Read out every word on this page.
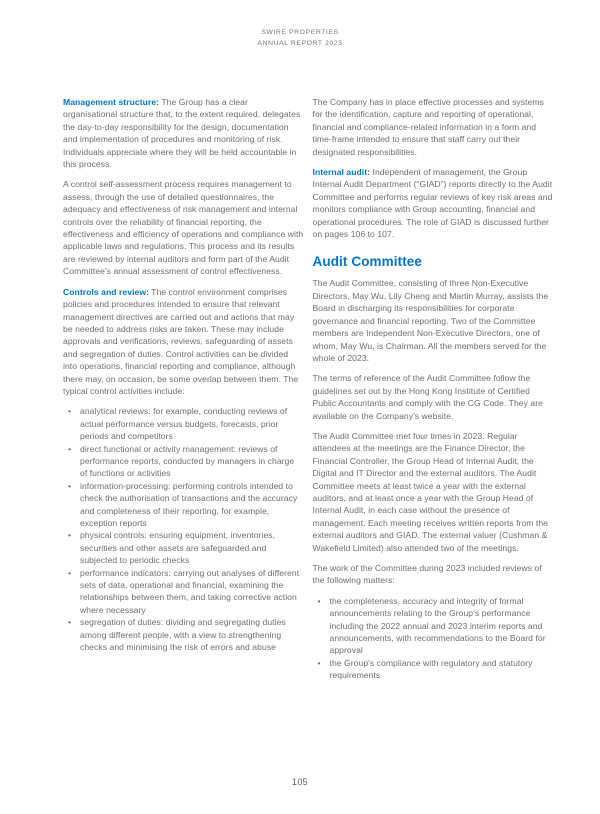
SWIRE PROPERTIES
ANNUAL REPORT 2023

Management structure: The Group has a clear organisational structure that, to the extent required, delegates the day-to-day responsibility for the design, documentation and implementation of procedures and monitoring of risk. Individuals appreciate where they will be held accountable in this process.

A control self-assessment process requires management to assess, through the use of detailed questionnaires, the adequacy and effectiveness of risk management and internal controls over the reliability of financial reporting, the effectiveness and efficiency of operations and compliance with applicable laws and regulations. This process and its results are reviewed by internal auditors and form part of the Audit Committee's annual assessment of control effectiveness.

Controls and review: The control environment comprises policies and procedures intended to ensure that relevant management directives are carried out and actions that may be needed to address risks are taken. These may include approvals and verifications, reviews, safeguarding of assets and segregation of duties. Control activities can be divided into operations, financial reporting and compliance, although there may, on occasion, be some overlap between them. The typical control activities include:

• analytical reviews: for example, conducting reviews of actual performance versus budgets, forecasts, prior periods and competitors
• direct functional or activity management: reviews of performance reports, conducted by managers in charge of functions or activities
• information-processing: performing controls intended to check the authorisation of transactions and the accuracy and completeness of their reporting, for example, exception reports
• physical controls: ensuring equipment, inventories, securities and other assets are safeguarded and subjected to periodic checks
• performance indicators: carrying out analyses of different sets of data, operational and financial, examining the relationships between them, and taking corrective action where necessary
• segregation of duties: dividing and segregating duties among different people, with a view to strengthening checks and minimising the risk of errors and abuse

The Company has in place effective processes and systems for the identification, capture and reporting of operational, financial and compliance-related information in a form and time-frame intended to ensure that staff carry out their designated responsibilities.

Internal audit: Independent of management, the Group Internal Audit Department (“GIAD”) reports directly to the Audit Committee and performs regular reviews of key risk areas and monitors compliance with Group accounting, financial and operational procedures. The role of GIAD is discussed further on pages 106 to 107.

Audit Committee

The Audit Committee, consisting of three Non-Executive Directors, May Wu, Lily Cheng and Martin Murray, assists the Board in discharging its responsibilities for corporate governance and financial reporting. Two of the Committee members are Independent Non-Executive Directors, one of whom, May Wu, is Chairman. All the members served for the whole of 2023.

The terms of reference of the Audit Committee follow the guidelines set out by the Hong Kong Institute of Certified Public Accountants and comply with the CG Code. They are available on the Company's website.

The Audit Committee met four times in 2023. Regular attendees at the meetings are the Finance Director, the Financial Controller, the Group Head of Internal Audit, the Digital and IT Director and the external auditors. The Audit Committee meets at least twice a year with the external auditors, and at least once a year with the Group Head of Internal Audit, in each case without the presence of management. Each meeting receives written reports from the external auditors and GIAD. The external valuer (Cushman & Wakefield Limited) also attended two of the meetings.

The work of the Committee during 2023 included reviews of the following matters:

• the completeness, accuracy and integrity of formal announcements relating to the Group's performance including the 2022 annual and 2023 interim reports and announcements, with recommendations to the Board for approval
• the Group's compliance with regulatory and statutory requirements
105
